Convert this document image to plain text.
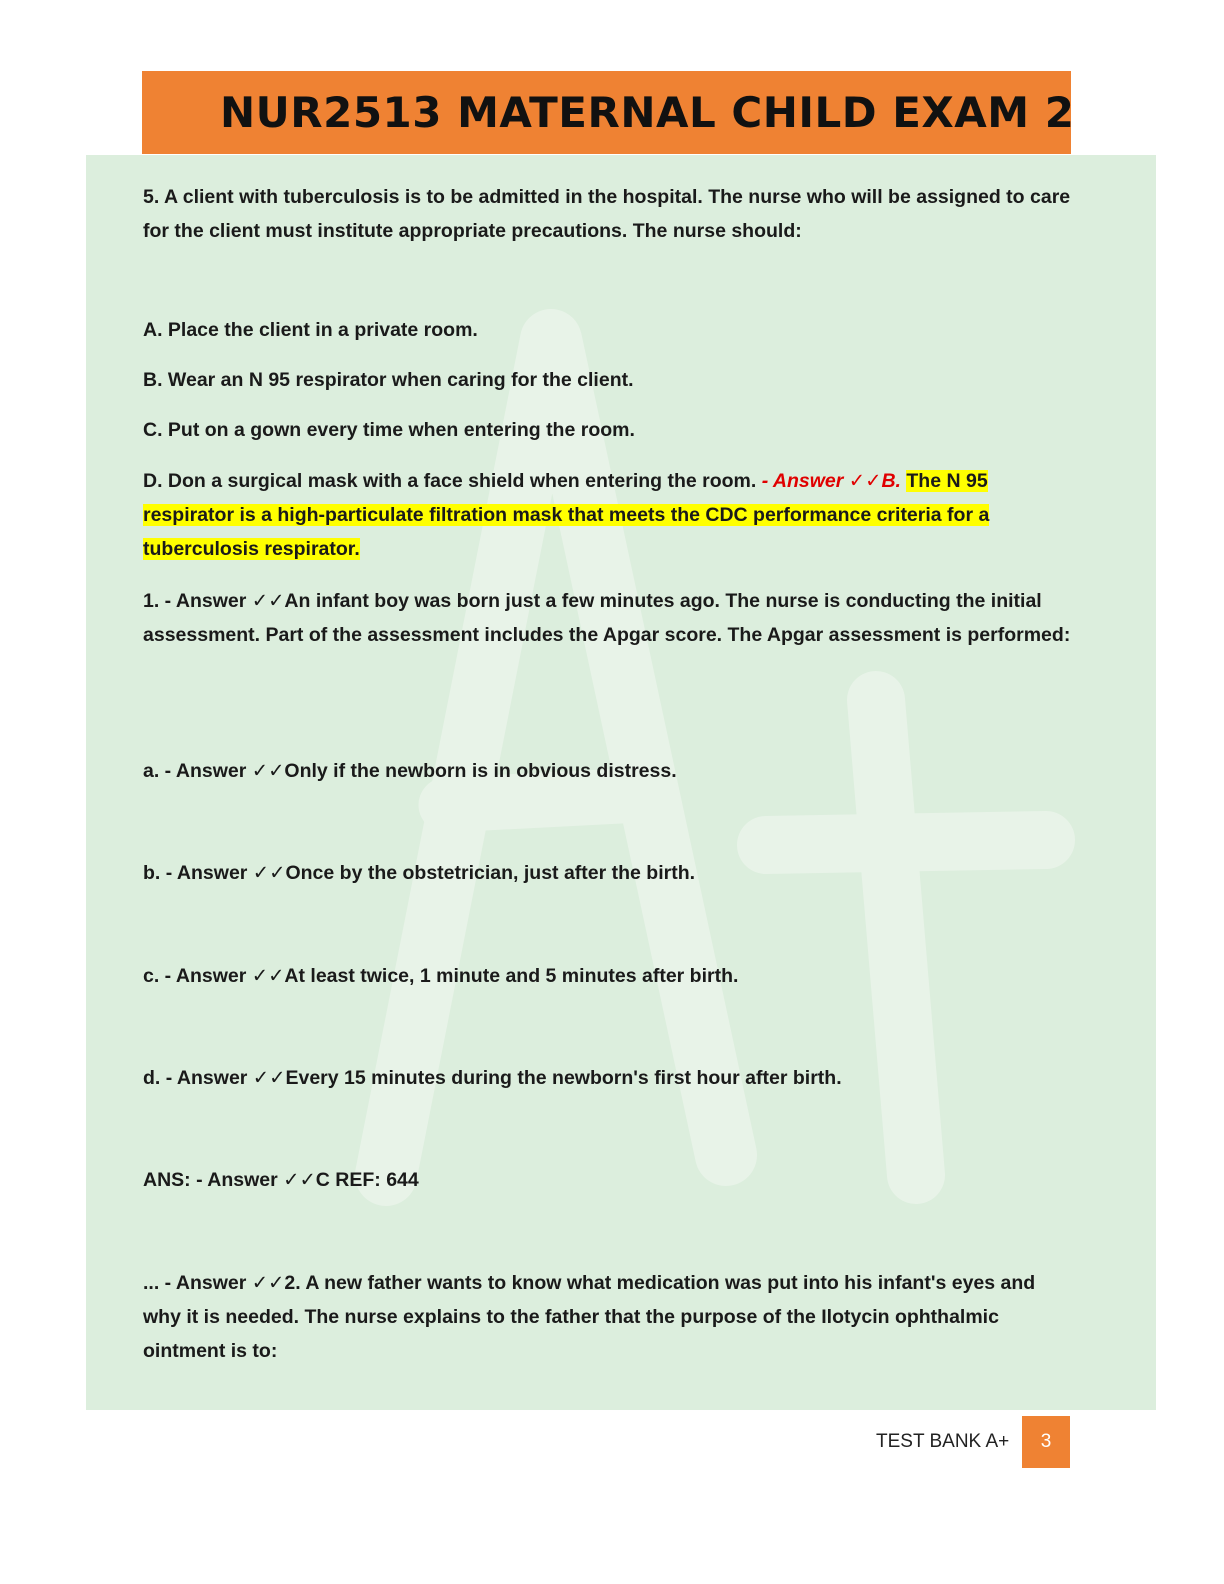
NUR2513 MATERNAL CHILD EXAM 2
5. A client with tuberculosis is to be admitted in the hospital. The nurse who will be assigned to care for the client must institute appropriate precautions. The nurse should:
A. Place the client in a private room.
B. Wear an N 95 respirator when caring for the client.
C. Put on a gown every time when entering the room.
D. Don a surgical mask with a face shield when entering the room. - Answer ✓✓B. The N 95 respirator is a high-particulate filtration mask that meets the CDC performance criteria for a tuberculosis respirator.
1. - Answer ✓✓An infant boy was born just a few minutes ago. The nurse is conducting the initial assessment. Part of the assessment includes the Apgar score. The Apgar assessment is performed:
a. - Answer ✓✓Only if the newborn is in obvious distress.
b. - Answer ✓✓Once by the obstetrician, just after the birth.
c. - Answer ✓✓At least twice, 1 minute and 5 minutes after birth.
d. - Answer ✓✓Every 15 minutes during the newborn's first hour after birth.
ANS: - Answer ✓✓C REF: 644
... - Answer ✓✓2. A new father wants to know what medication was put into his infant's eyes and why it is needed. The nurse explains to the father that the purpose of the Ilotycin ophthalmic ointment is to:
TEST BANK A+	3
